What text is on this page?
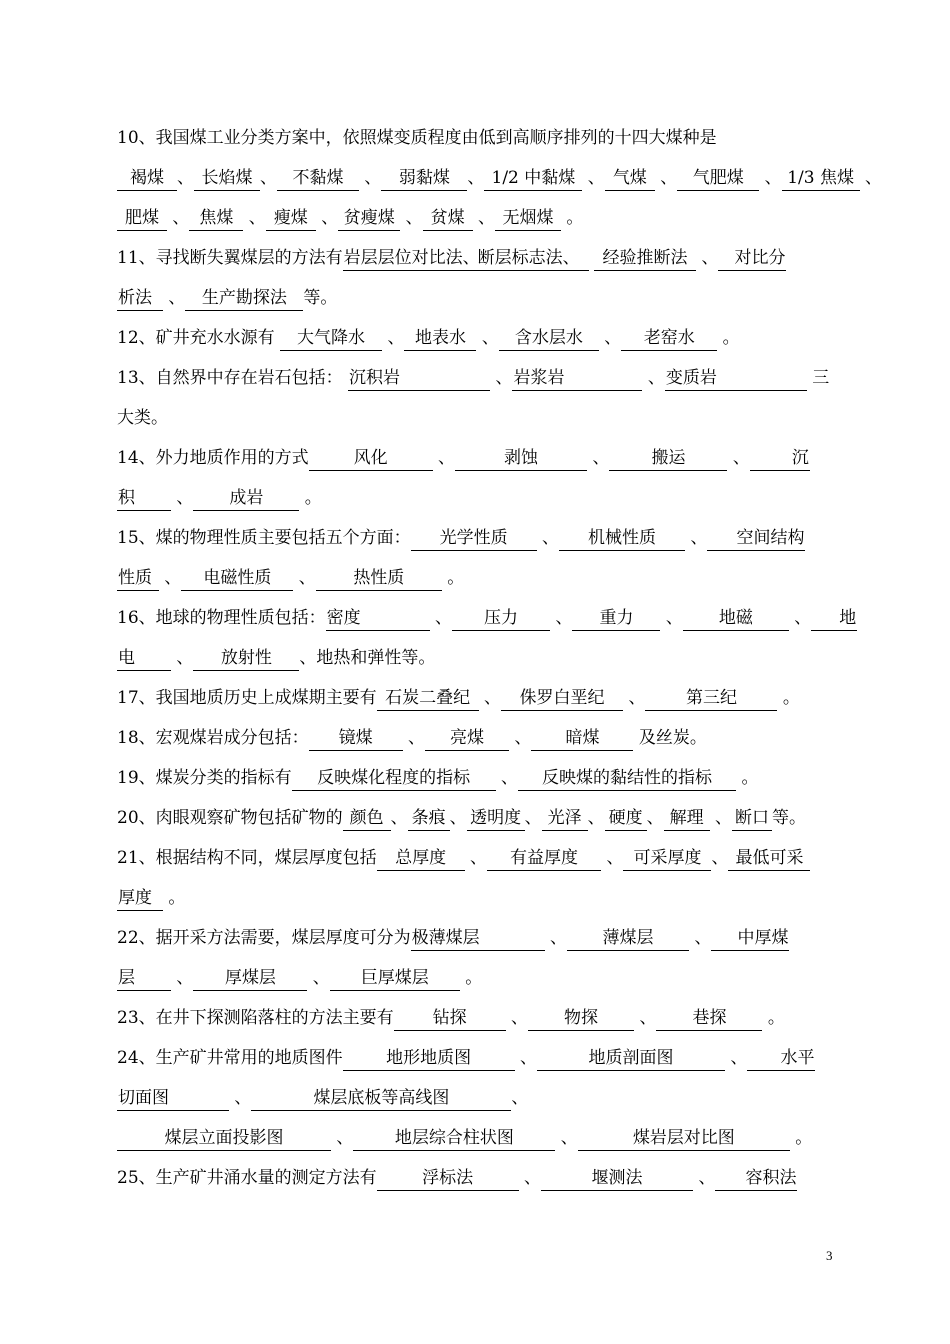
10、我国煤工业分类方案中，依照煤变质程度由低到高顺序排列的十四大煤种是
褐煤 、 长焰煤 、 不黏煤 、 弱黏煤 、 1/2 中黏煤 、 气煤 、 气肥煤 、 1/3 焦煤 、
肥煤 、 焦煤 、 瘦煤 、 贫瘦煤 、 贫煤 、 无烟煤 。
11、寻找断失翼煤层的方法有岩层层位对比法、断层标志法、 经验推断法 、 对比分
析法 、 生产勘探法 等。
12、矿井充水水源有 大气降水 、 地表水 、 含水层水 、 老窑水 。
13、自然界中存在岩石包括： 沉积岩	、岩浆岩	、变质岩	三
大类。
14、外力地质作用的方式	风化	、	剥蚀	、 搬运 、 沉
积 、 成岩 。
15、煤的物理性质主要包括五个方面： 光学性质 、 机械性质 、 空间结构
性质 、 电磁性质 、 热性质 。
16、地球的物理性质包括：密度	、 压力 、 重力 、 地磁 、 地
电 、 放射性 、地热和弹性等。
17、我国地质历史上成煤期主要有 石炭二叠纪 、 侏罗白垩纪 、 第三纪 。
18、宏观煤岩成分包括： 镜煤 、 亮煤 、 暗煤 及丝炭。
19、煤炭分类的指标有 反映煤化程度的指标 、 反映煤的黏结性的指标 。
20、肉眼观察矿物包括矿物的 颜色 、 条痕 、 透明度 、 光泽 、 硬度 、 解理 、 断口 等。
21、根据结构不同，煤层厚度包括 总厚度 、 有益厚度 、 可采厚度 、 最低可采
厚度 。
22、据开采方法需要，煤层厚度可分为极薄煤层	、 薄煤层 、 中厚煤
层 、 厚煤层 、 巨厚煤层 。
23、在井下探测陷落柱的方法主要有 钻探 、 物探 、 巷探 。
24、生产矿井常用的地质图件	地形地质图	、	地质剖面图	、 水平
切面图	、	煤层底板等高线图	、
煤层立面投影图	、 地层综合柱状图 、	煤岩层对比图	。
25、生产矿井涌水量的测定方法有	浮标法	、	堰测法	、 容积法
3
